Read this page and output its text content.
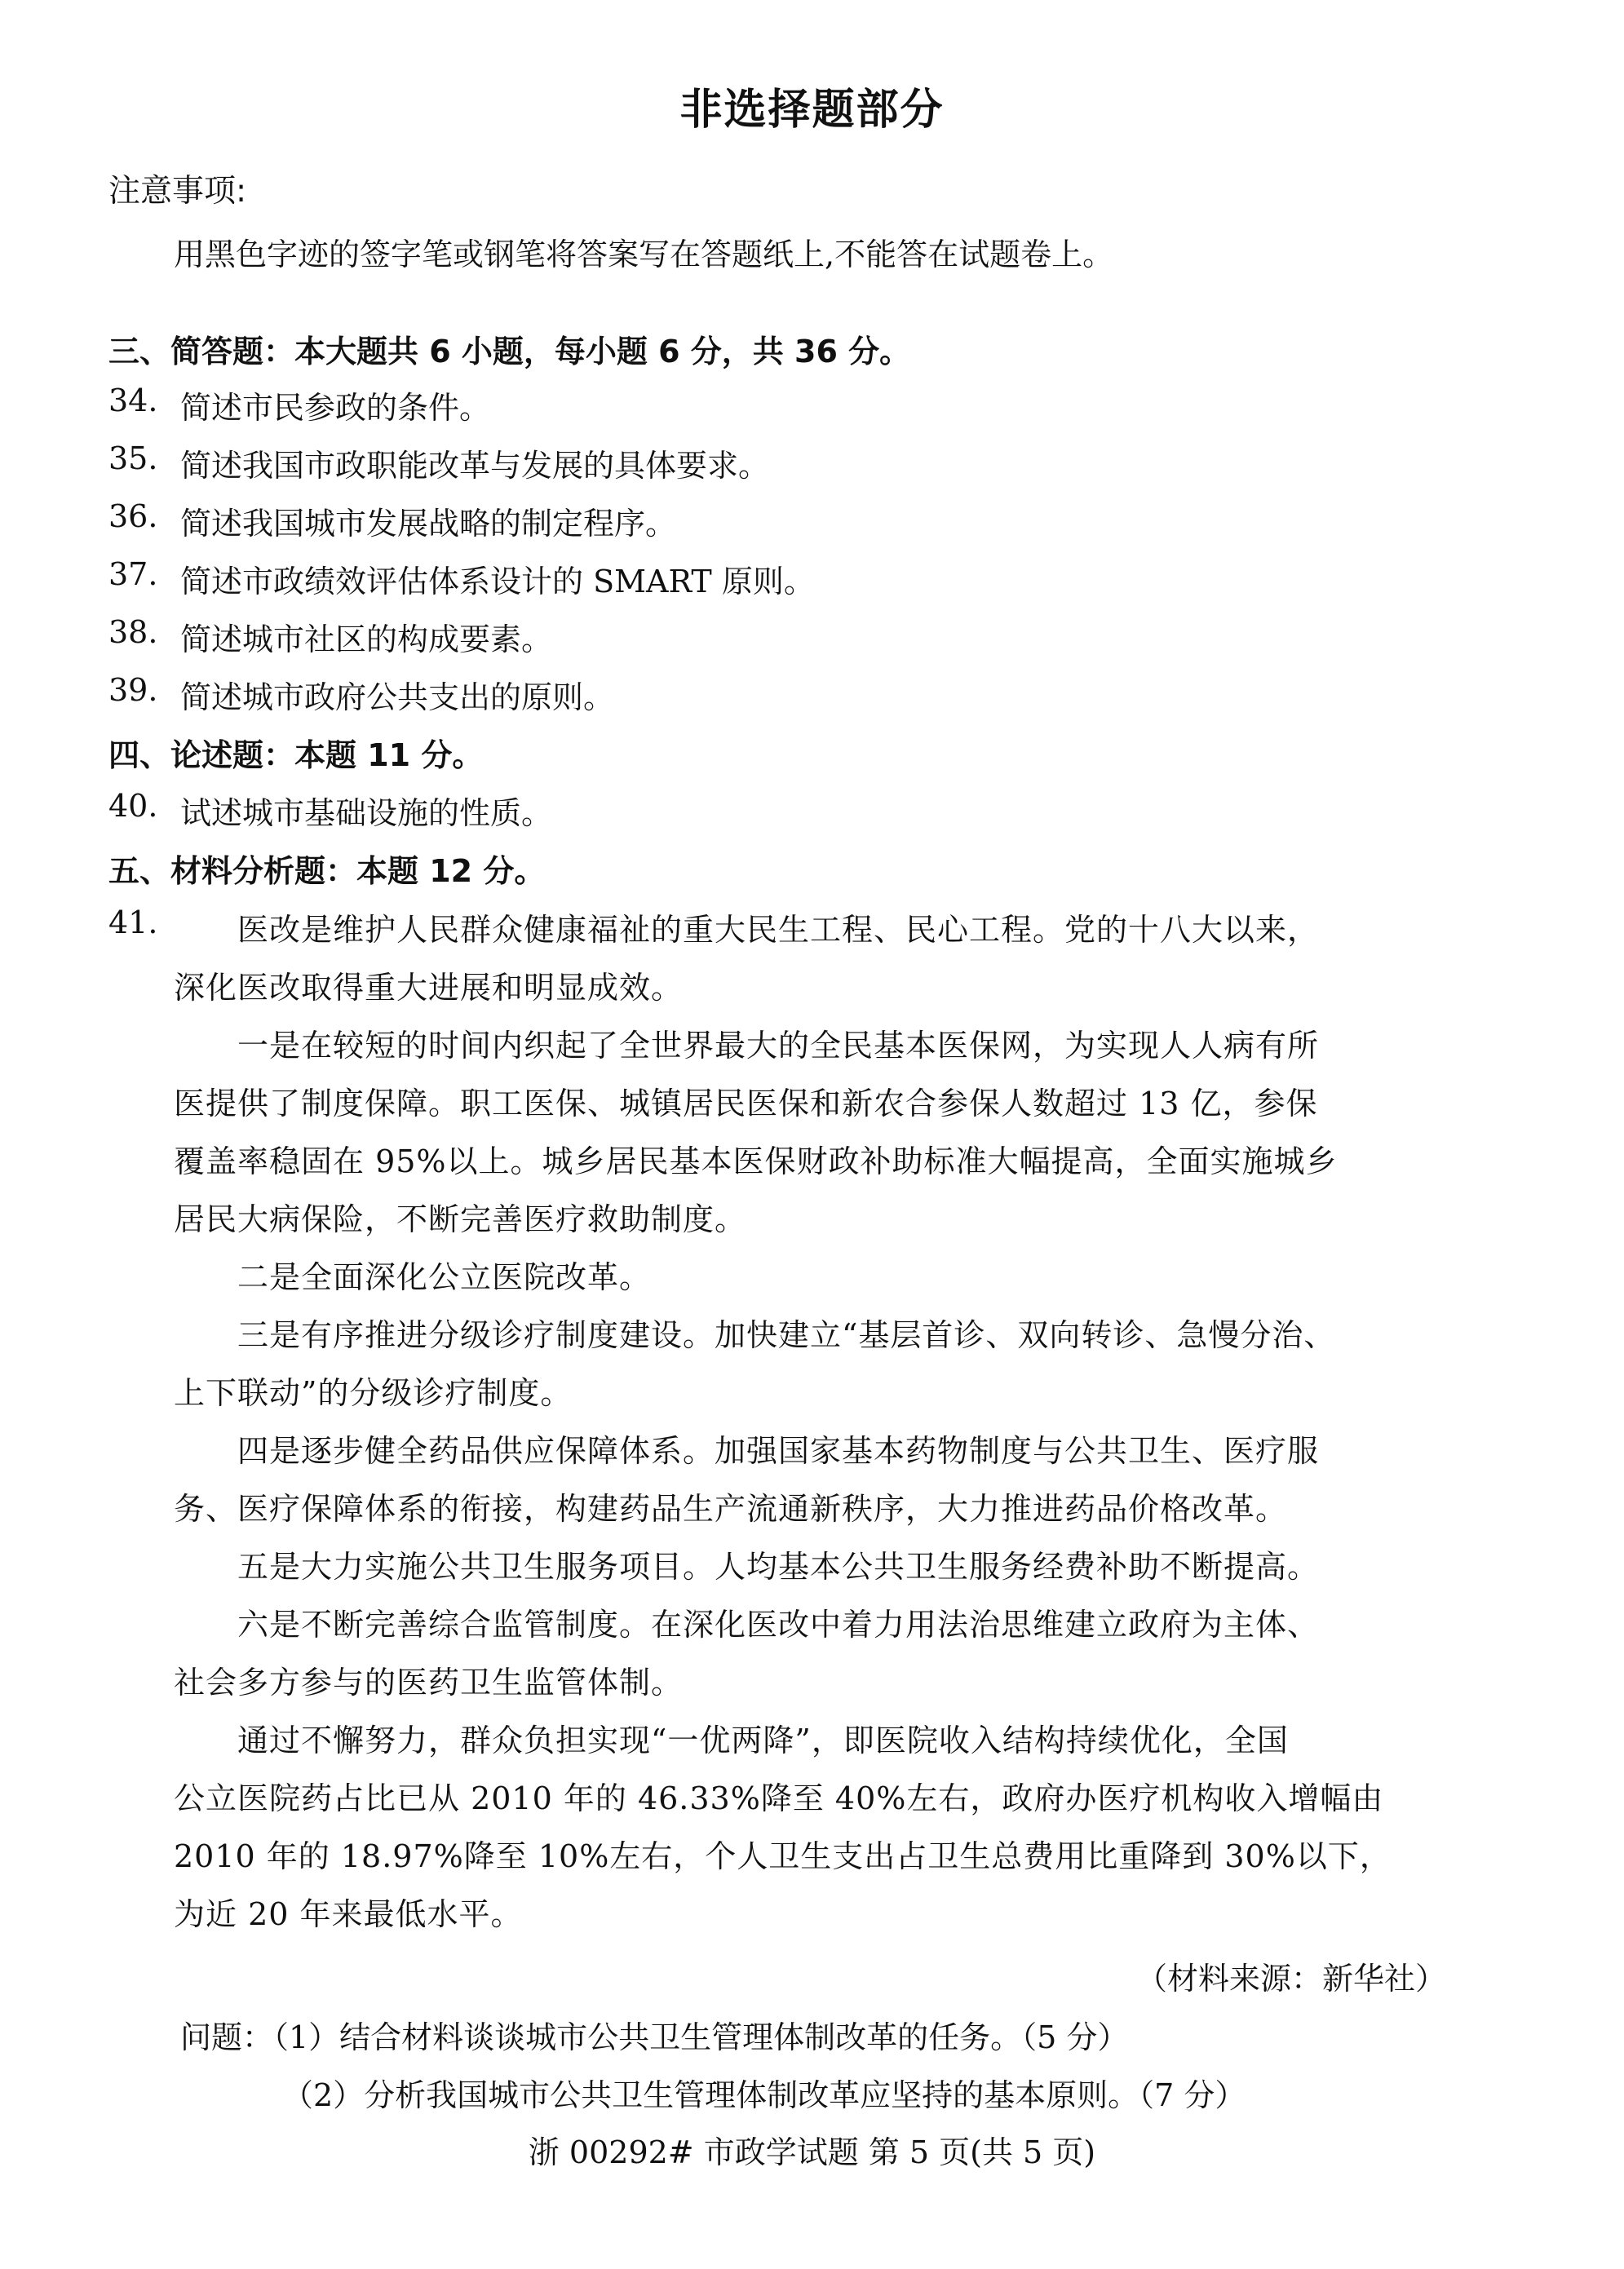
非选择题部分
注意事项:
用黑色字迹的签字笔或钢笔将答案写在答题纸上,不能答在试题卷上。
三、简答题：本大题共 6 小题，每小题 6 分，共 36 分。
34. 简述市民参政的条件。
35. 简述我国市政职能改革与发展的具体要求。
36. 简述我国城市发展战略的制定程序。
37. 简述市政绩效评估体系设计的 SMART 原则。
38. 简述城市社区的构成要素。
39. 简述城市政府公共支出的原则。
四、论述题：本题 11 分。
40. 试述城市基础设施的性质。
五、材料分析题：本题 12 分。
41.	医改是维护人民群众健康福祉的重大民生工程、民心工程。党的十八大以来，
深化医改取得重大进展和明显成效。
一是在较短的时间内织起了全世界最大的全民基本医保网，为实现人人病有所
医提供了制度保障。职工医保、城镇居民医保和新农合参保人数超过 13 亿，参保
覆盖率稳固在 95%以上。城乡居民基本医保财政补助标准大幅提高，全面实施城乡
居民大病保险，不断完善医疗救助制度。
二是全面深化公立医院改革。
三是有序推进分级诊疗制度建设。加快建立“基层首诊、双向转诊、急慢分治、
上下联动”的分级诊疗制度。
四是逐步健全药品供应保障体系。加强国家基本药物制度与公共卫生、医疗服
务、医疗保障体系的衔接，构建药品生产流通新秩序，大力推进药品价格改革。
五是大力实施公共卫生服务项目。人均基本公共卫生服务经费补助不断提高。
六是不断完善综合监管制度。在深化医改中着力用法治思维建立政府为主体、
社会多方参与的医药卫生监管体制。
通过不懈努力，群众负担实现“一优两降”，即医院收入结构持续优化，全国
公立医院药占比已从 2010 年的 46.33%降至 40%左右，政府办医疗机构收入增幅由
2010 年的 18.97%降至 10%左右，个人卫生支出占卫生总费用比重降到 30%以下，
为近 20 年来最低水平。
（材料来源：新华社）
问题：（1）结合材料谈谈城市公共卫生管理体制改革的任务。（5 分）
（2）分析我国城市公共卫生管理体制改革应坚持的基本原则。（7 分）
浙 00292# 市政学试题 第 5 页(共 5 页)
